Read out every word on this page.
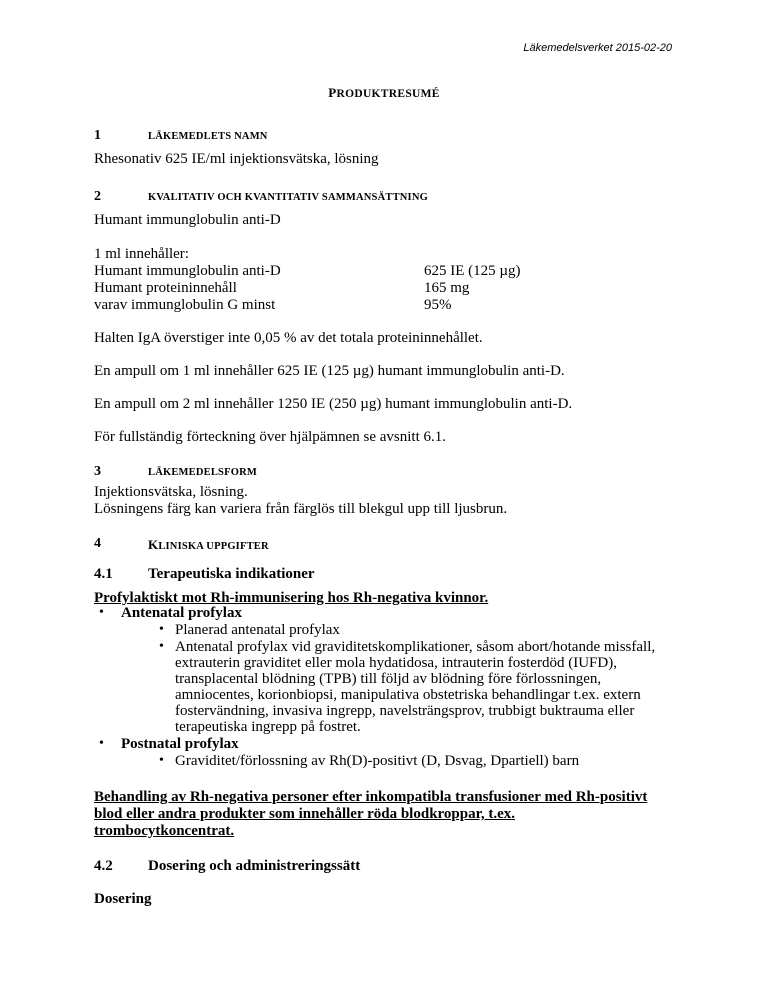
Läkemedelsverket 2015-02-20
PRODUKTRESUMÉ
1	LÄKEMEDLETS NAMN
Rhesonativ 625 IE/ml injektionsvätska, lösning
2	KVALITATIV OCH KVANTITATIV SAMMANSÄTTNING
Humant immunglobulin anti-D
1 ml innehåller:
Humant immunglobulin anti-D	625 IE (125 µg)
Humant proteininnehåll	165 mg
varav immunglobulin G minst	95%
Halten IgA överstiger inte 0,05 % av det totala proteininnehållet.
En ampull om 1 ml innehåller 625 IE (125 µg) humant immunglobulin anti-D.
En ampull om 2 ml innehåller 1250 IE (250 µg) humant immunglobulin anti-D.
För fullständig förteckning över hjälpämnen se avsnitt 6.1.
3	LÄKEMEDELSFORM
Injektionsvätska, lösning.
Lösningens färg kan variera från färglös till blekgul upp till ljusbrun.
4	KLINISKA UPPGIFTER
4.1 Terapeutiska indikationer
Profylaktiskt mot Rh-immunisering hos Rh-negativa kvinnor.
• Antenatal profylax
• Planerad antenatal profylax
• Antenatal profylax vid graviditetskomplikationer, såsom abort/hotande missfall,
extrauterin graviditet eller mola hydatidosa, intrauterin fosterdöd (IUFD),
transplacental blödning (TPB) till följd av blödning före förlossningen,
amniocentes, korionbiopsi, manipulativa obstetriska behandlingar t.ex. extern
fostervändning, invasiva ingrepp, navelsträngsprov, trubbigt buktrauma eller
terapeutiska ingrepp på fostret.
• Postnatal profylax
• Graviditet/förlossning av Rh(D)-positivt (D, Dsvag, Dpartiell) barn
Behandling av Rh-negativa personer efter inkompatibla transfusioner med Rh-positivt
blod eller andra produkter som innehåller röda blodkroppar, t.ex.
trombocytkoncentrat.
4.2 Dosering och administreringssätt
Dosering
